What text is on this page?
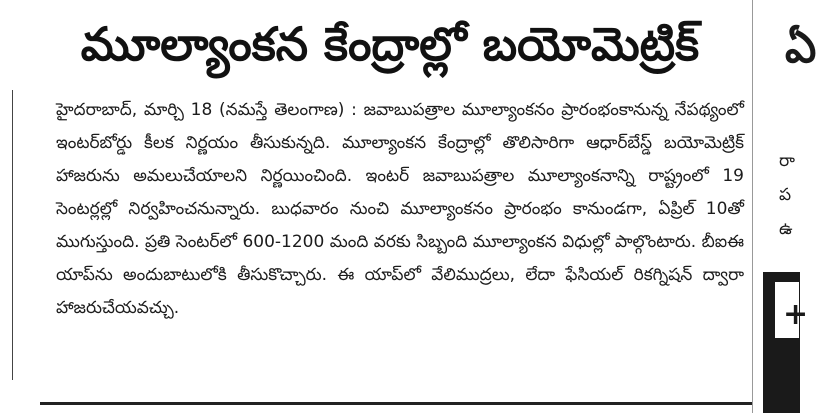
మూల్యాంకన కేంద్రాల్లో బయోమెట్రిక్

హైదరాబాద్, మార్చి 18 (నమస్తే తెలంగాణ) : జవాబుపత్రాల మూల్యాంకనం ప్రారంభంకానున్న నేపథ్యంలో ఇంటర్‌బోర్డు కీలక నిర్ణయం తీసుకున్నది. మూల్యాంకన కేంద్రాల్లో తొలిసారిగా ఆధార్‌బేస్డ్ బయోమెట్రిక్ హాజరును అమలుచేయాలని నిర్ణయించింది. ఇంటర్ జవాబుపత్రాల మూల్యాంకనాన్ని రాష్ట్రంలో 19 సెంటర్లల్లో నిర్వహించనున్నారు. బుధవారం నుంచి మూల్యాంకనం ప్రారంభం కానుండగా, ఏప్రిల్ 10తో ముగుస్తుంది. ప్రతి సెంటర్‌లో 600-1200 మంది వరకు సిబ్బంది మూల్యాంకన విధుల్లో పాల్గొంటారు. బీఐఈ యాప్‌ను అందుబాటులోకి తీసుకొచ్చారు. ఈ యాప్‌లో వేలిముద్రలు, లేదా ఫేసియల్ రికగ్నిషన్ ద్వారా హాజరుచేయవచ్చు.

ఏ
రా
ప
ఉ
+
